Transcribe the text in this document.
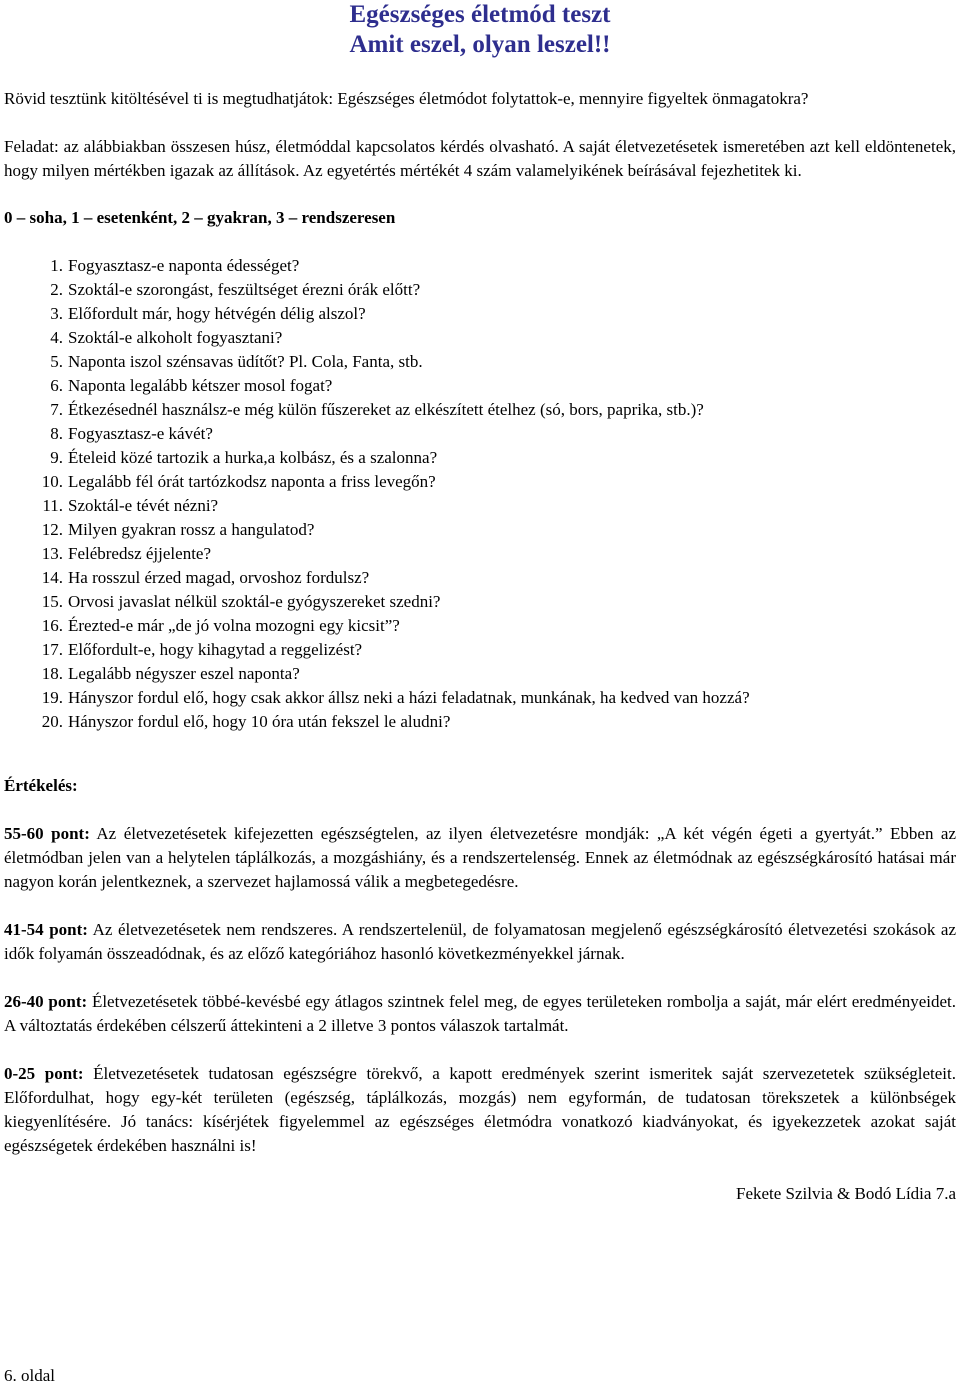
Egészséges életmód teszt
Amit eszel, olyan leszel!!

Rövid tesztünk kitöltésével ti is megtudhatjátok: Egészséges életmódot folytattok-e, mennyire figyeltek önmagatokra?

Feladat: az alábbiakban összesen húsz, életmóddal kapcsolatos kérdés olvasható. A saját életvezetésetek ismeretében azt kell eldöntenetek, hogy milyen mértékben igazak az állítások. Az egyetértés mértékét 4 szám valamelyikének beírásával fejezhetitek ki.

0 – soha, 1 – esetenként, 2 – gyakran, 3 – rendszeresen

1. Fogyasztasz-e naponta édességet?
2. Szoktál-e szorongást, feszültséget érezni órák előtt?
3. Előfordult már, hogy hétvégén délig alszol?
4. Szoktál-e alkoholt fogyasztani?
5. Naponta iszol szénsavas üdítőt? Pl. Cola, Fanta, stb.
6. Naponta legalább kétszer mosol fogat?
7. Étkezésednél használsz-e még külön fűszereket az elkészített ételhez (só, bors, paprika, stb.)?
8. Fogyasztasz-e kávét?
9. Ételeid közé tartozik a hurka,a kolbász, és a szalonna?
10. Legalább fél órát tartózkodsz naponta a friss levegőn?
11. Szoktál-e tévét nézni?
12. Milyen gyakran rossz a hangulatod?
13. Felébredsz éjjelente?
14. Ha rosszul érzed magad, orvoshoz fordulsz?
15. Orvosi javaslat nélkül szoktál-e gyógyszereket szedni?
16. Érezted-e már „de jó volna mozogni egy kicsit”?
17. Előfordult-e, hogy kihagytad a reggelizést?
18. Legalább négyszer eszel naponta?
19. Hányszor fordul elő, hogy csak akkor állsz neki a házi feladatnak, munkának, ha kedved van hozzá?
20. Hányszor fordul elő, hogy 10 óra után fekszel le aludni?

Értékelés:

55-60 pont: Az életvezetésetek kifejezetten egészségtelen, az ilyen életvezetésre mondják: „A két végén égeti a gyertyát.” Ebben az életmódban jelen van a helytelen táplálkozás, a mozgáshiány, és a rendszertelenség. Ennek az életmódnak az egészségkárosító hatásai már nagyon korán jelentkeznek, a szervezet hajlamossá válik a megbetegedésre.

41-54 pont: Az életvezetésetek nem rendszeres. A rendszertelenül, de folyamatosan megjelenő egészségkárosító életvezetési szokások az idők folyamán összeadódnak, és az előző kategóriához hasonló következményekkel járnak.

26-40 pont: Életvezetésetek többé-kevésbé egy átlagos szintnek felel meg, de egyes területeken rombolja a saját, már elért eredményeidet. A változtatás érdekében célszerű áttekinteni a 2 illetve 3 pontos válaszok tartalmát.

0-25 pont: Életvezetésetek tudatosan egészségre törekvő, a kapott eredmények szerint ismeritek saját szervezetetek szükségleteit. Előfordulhat, hogy egy-két területen (egészség, táplálkozás, mozgás) nem egyformán, de tudatosan törekszetek a különbségek kiegyenlítésére. Jó tanács: kísérjétek figyelemmel az egészséges életmódra vonatkozó kiadványokat, és igyekezzetek azokat saját egészségetek érdekében használni is!

Fekete Szilvia & Bodó Lídia 7.a

6. oldal
